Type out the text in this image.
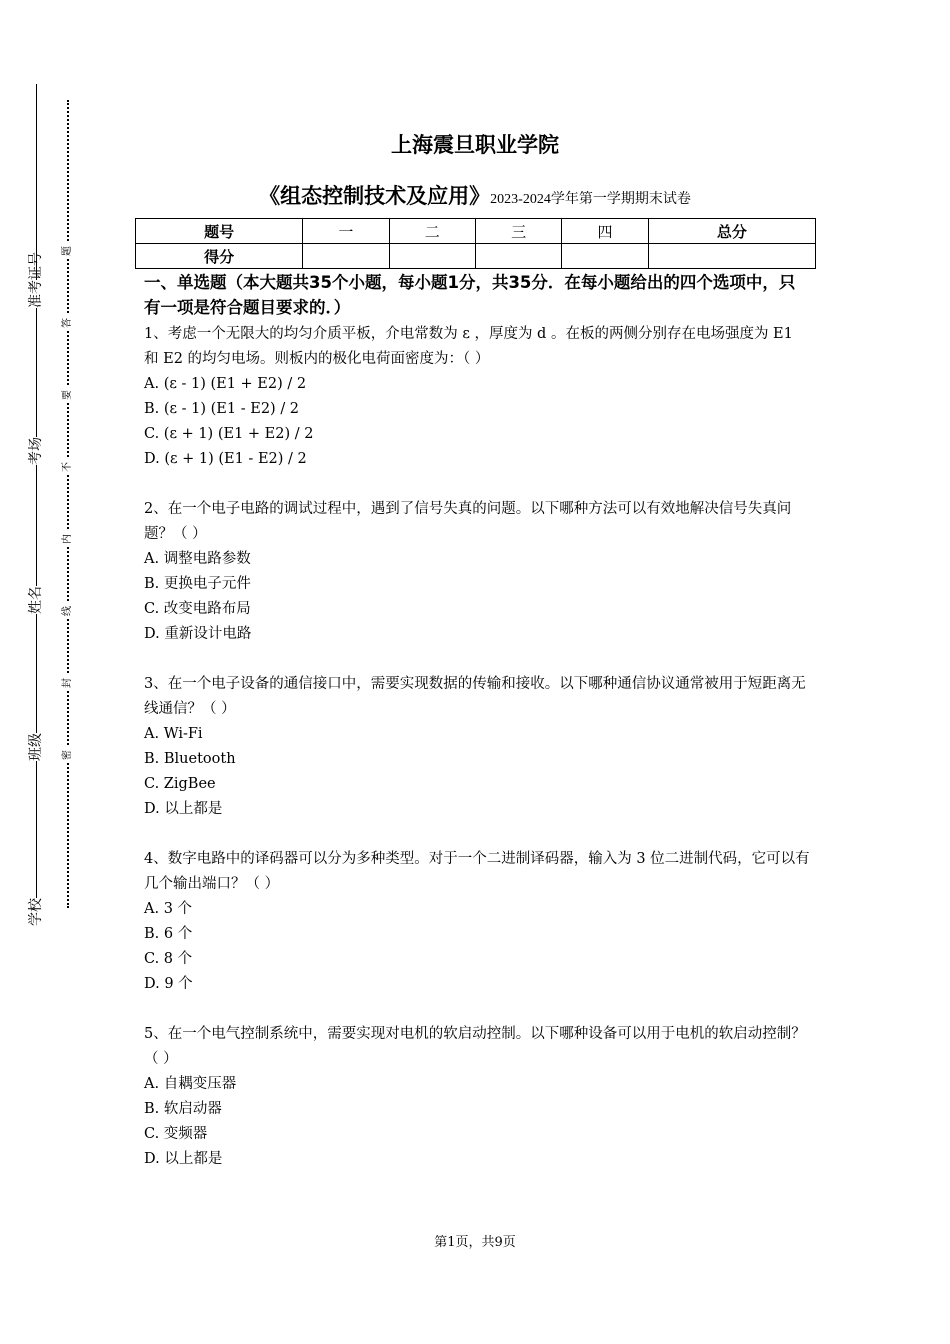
准考证号
考场
姓名
班级
学校
题
答
要
不
内
线
封
密
上海震旦职业学院
《组态控制技术及应用》2023-2024学年第一学期期末试卷
题号	一	二	三	四	总分
得分					
一、单选题（本大题共35个小题，每小题1分，共35分．在每小题给出的四个选项中，只有一项是符合题目要求的．）

1、考虑一个无限大的均匀介质平板，介电常数为 ε ，厚度为 d 。在板的两侧分别存在电场强度为 E1 和 E2 的均匀电场。则板内的极化电荷面密度为：（ ）

A. (ε - 1) (E1 + E2) / 2

B. (ε - 1) (E1 - E2) / 2

C. (ε + 1) (E1 + E2) / 2

D. (ε + 1) (E1 - E2) / 2

2、在一个电子电路的调试过程中，遇到了信号失真的问题。以下哪种方法可以有效地解决信号失真问题？（ ）

A. 调整电路参数

B. 更换电子元件

C. 改变电路布局

D. 重新设计电路

3、在一个电子设备的通信接口中，需要实现数据的传输和接收。以下哪种通信协议通常被用于短距离无线通信？（ ）

A. Wi-Fi

B. Bluetooth

C. ZigBee

D. 以上都是

4、数字电路中的译码器可以分为多种类型。对于一个二进制译码器，输入为 3 位二进制代码，它可以有几个输出端口？（ ）

A. 3 个

B. 6 个

C. 8 个

D. 9 个

5、在一个电气控制系统中，需要实现对电机的软启动控制。以下哪种设备可以用于电机的软启动控制？（ ）

A. 自耦变压器

B. 软启动器

C. 变频器

D. 以上都是

第1页，共9页
